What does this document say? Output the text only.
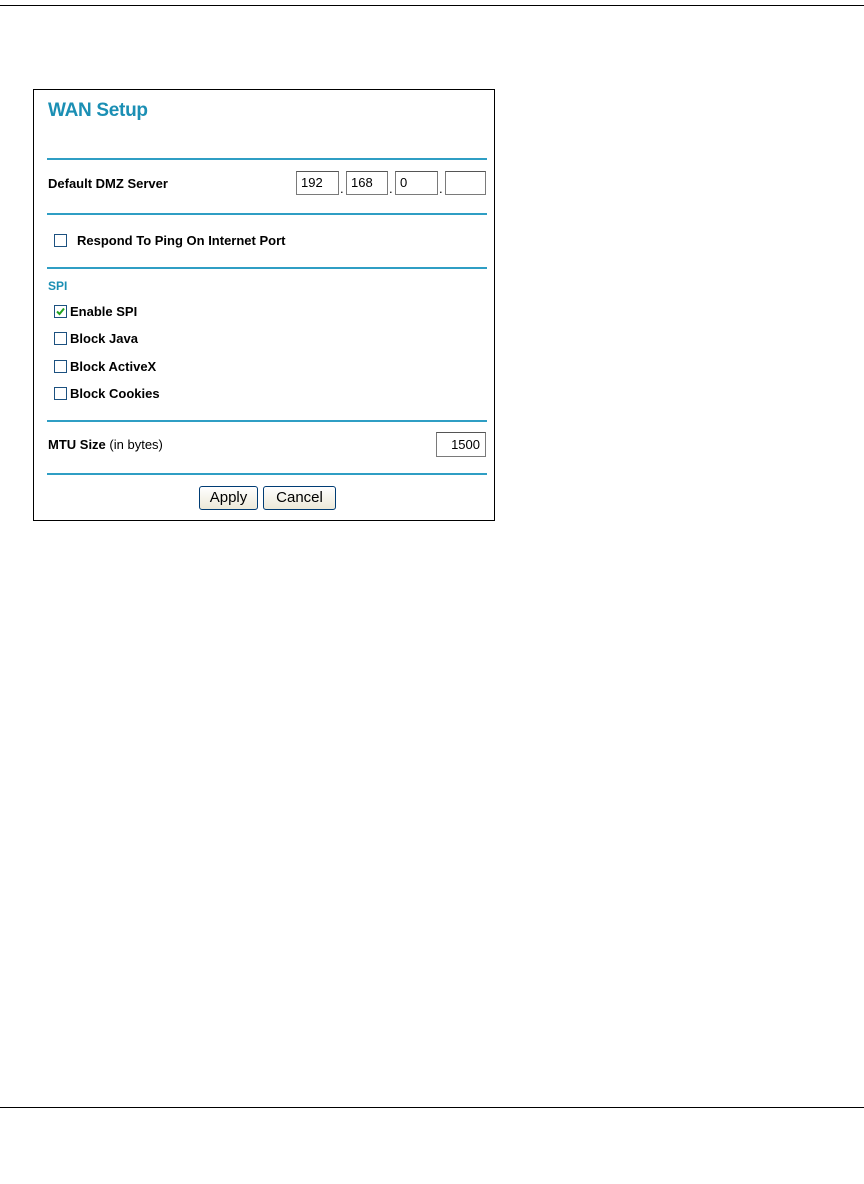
WAN Setup
Default DMZ Server	192	. 168	. 0	.
Respond To Ping On Internet Port
SPI
Enable SPI
Block Java
Block ActiveX
Block Cookies
MTU Size (in bytes)	1500
Apply	Cancel
